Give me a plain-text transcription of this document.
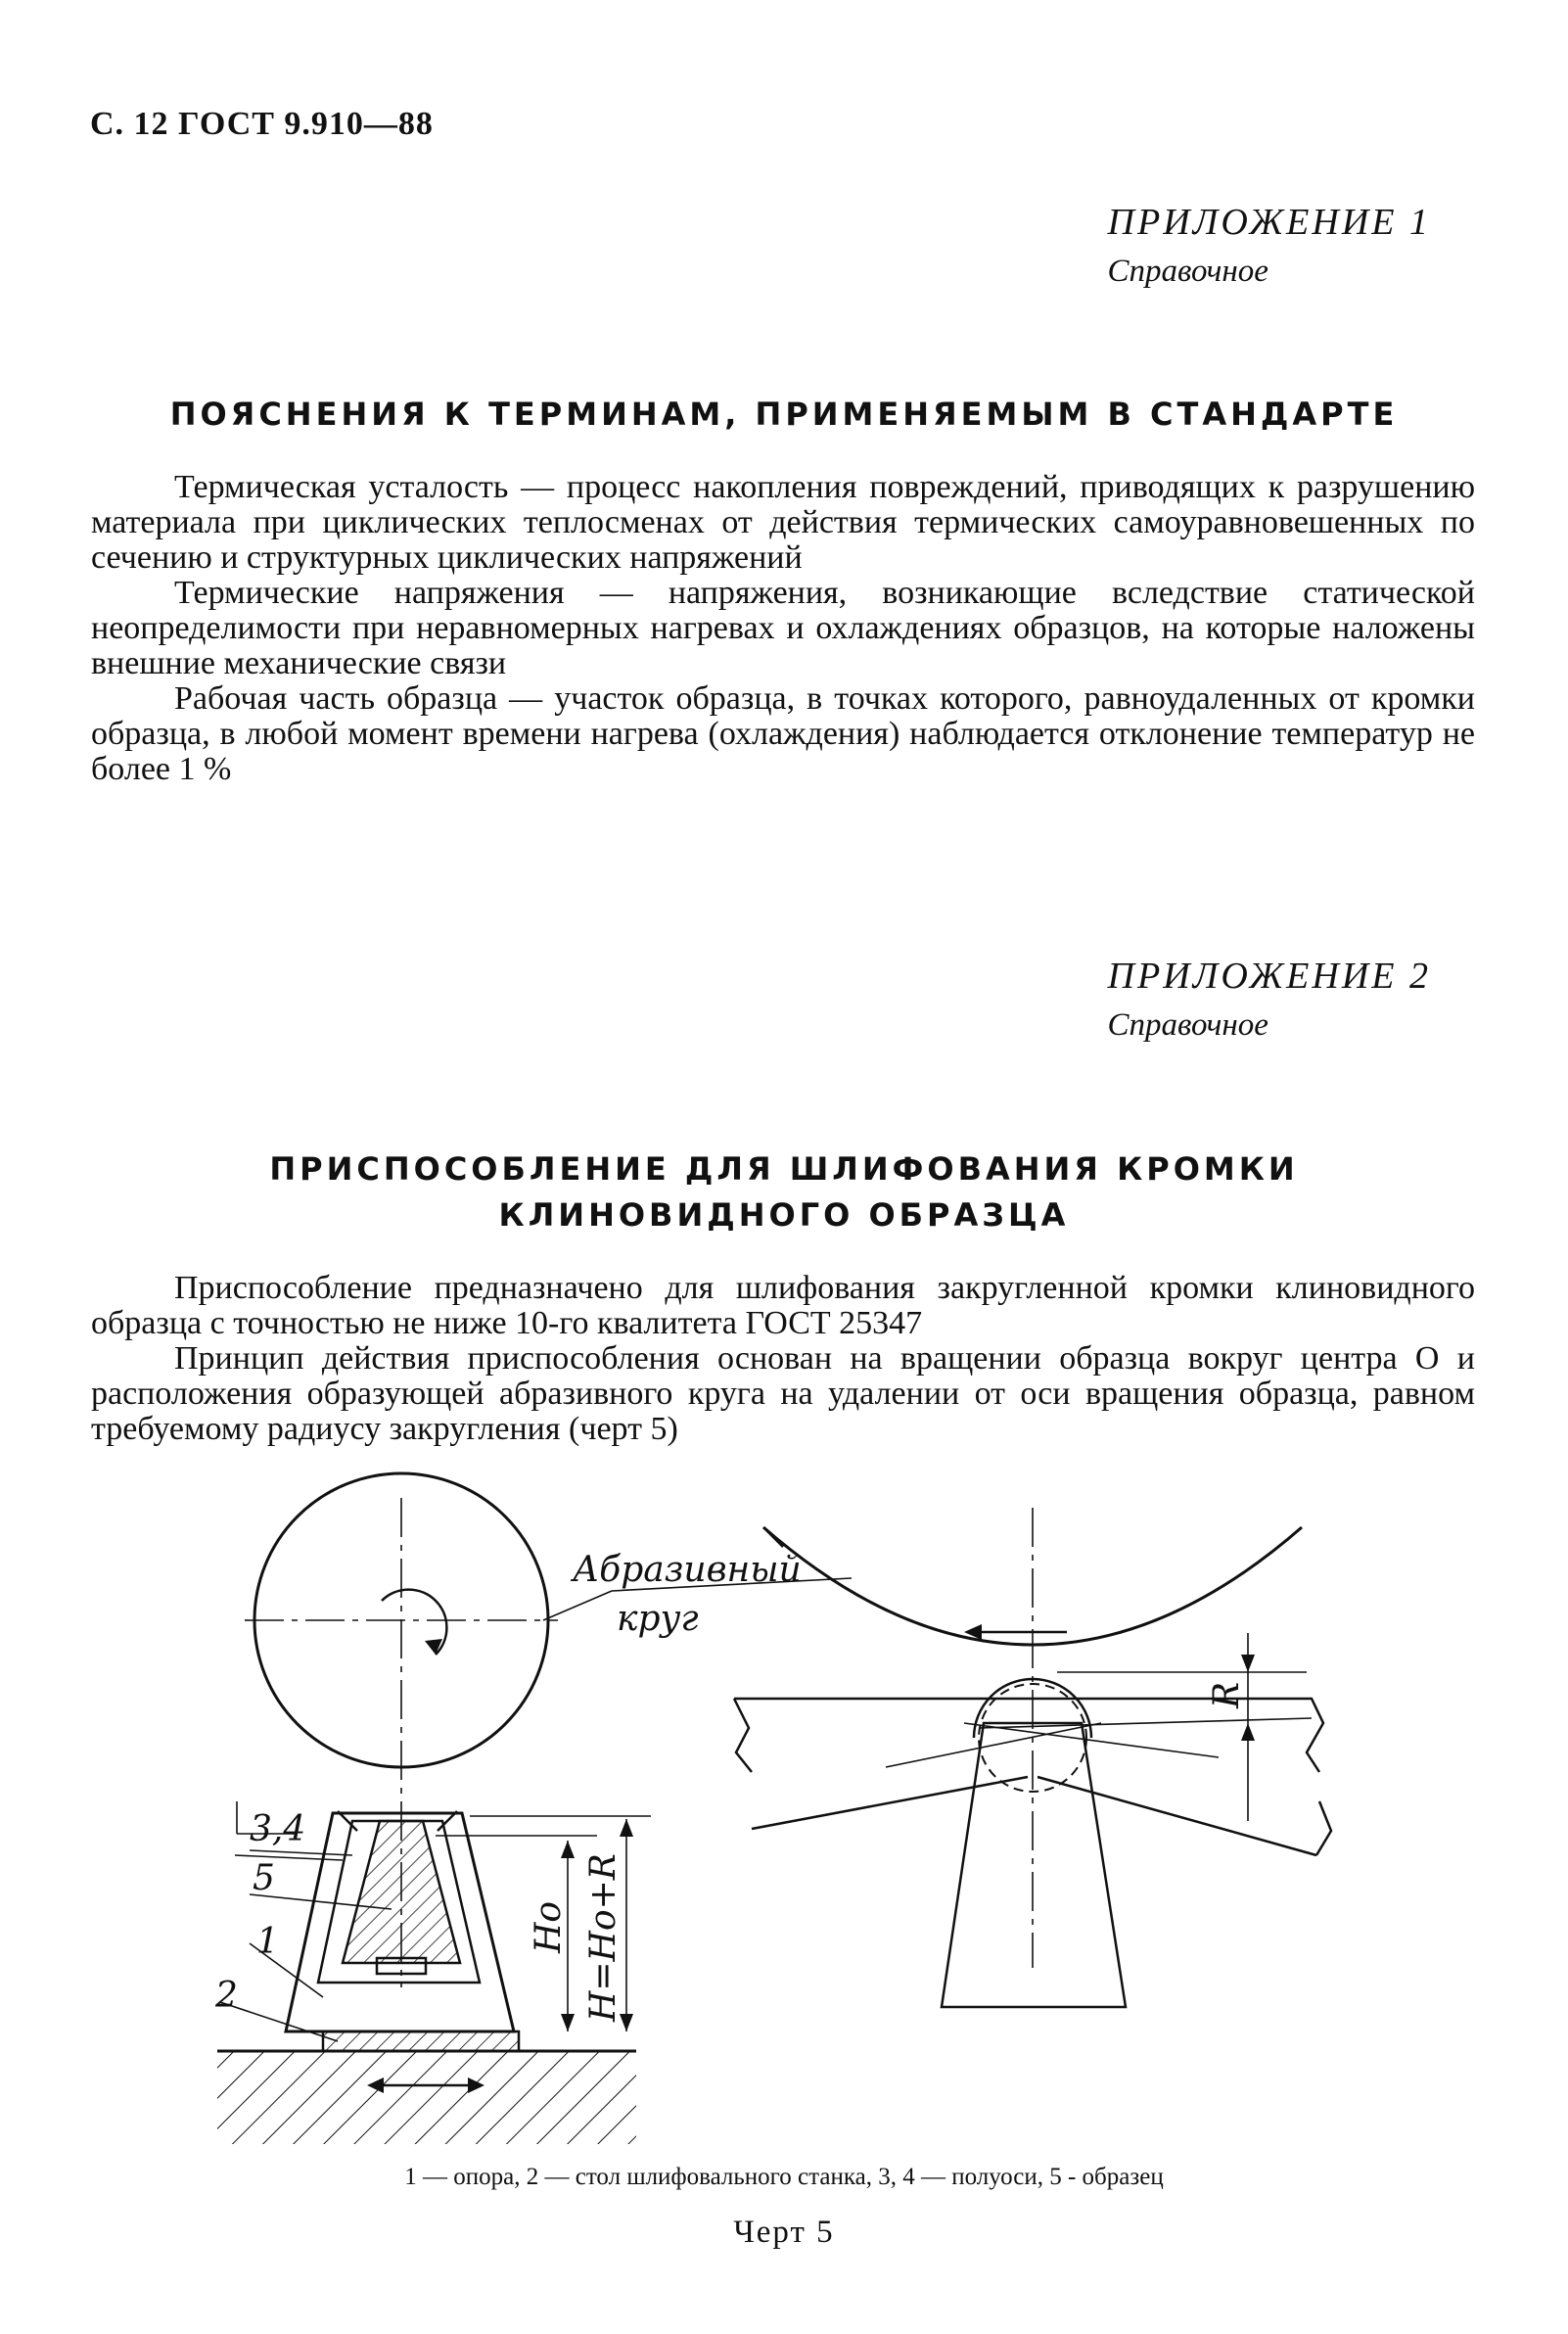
С. 12 ГОСТ 9.910—88
ПРИЛОЖЕНИЕ 1
Справочное
ПОЯСНЕНИЯ К ТЕРМИНАМ, ПРИМЕНЯЕМЫМ В СТАНДАРТЕ

Термическая усталость — процесс накопления повреждений, приводящих к разрушению материала при циклических теплосменах от действия термических самоуравновешенных по сечению и структурных циклических напряжений

Термические напряжения — напряжения, возникающие вследствие статической неопределимости при неравномерных нагревах и охлаждениях образцов, на которые наложены внешние механические связи

Рабочая часть образца — участок образца, в точках которого, равноудаленных от кромки образца, в любой момент времени нагрева (охлаждения) наблюдается отклонение температур не более 1 %

ПРИЛОЖЕНИЕ 2
Справочное
ПРИСПОСОБЛЕНИЕ ДЛЯ ШЛИФОВАНИЯ КРОМКИ
КЛИНОВИДНОГО ОБРАЗЦА

Приспособление предназначено для шлифования закругленной кромки клиновидного образца с точностью не ниже 10-го квалитета ГОСТ 25347

Принцип действия приспособления основан на вращении образца вокруг центра О и расположения образующей абразивного круга на удалении от оси вращения образца, равном требуемому радиусу закругления (черт 5)

Абразивный
круг
3,4
5
1
2
Ho H=Ho+R
R
1 — опора, 2 — стол шлифовального станка, 3, 4 — полуоси, 5 - образец
Черт 5
